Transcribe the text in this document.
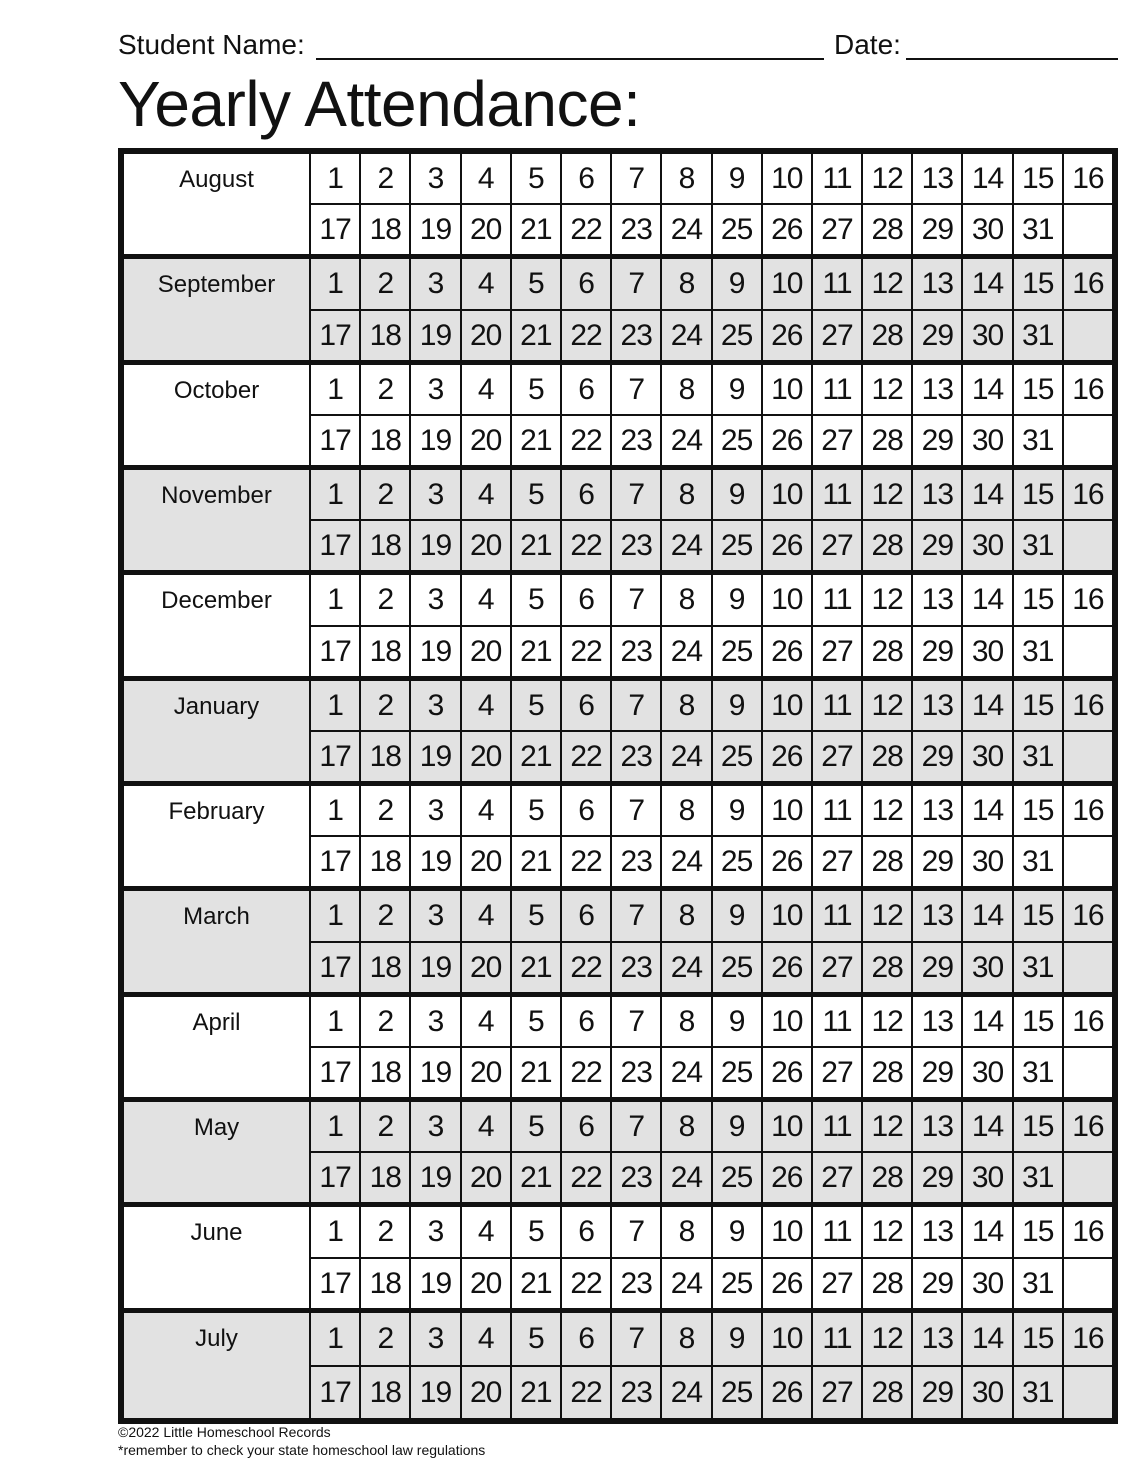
Student Name:	Date:
Yearly Attendance:
August	1	2	3	4	5	6	7	8	9 10 11 12 13 14 15 16
17 18 19 20 21 22 23 24 25 26 27 28 29 30 31
September	1	2	3	4	5	6	7	8	9 10 11 12 13 14 15 16
17 18 19 20 21 22 23 24 25 26 27 28 29 30 31
October	1	2	3	4	5	6	7	8	9 10 11 12 13 14 15 16
17 18 19 20 21 22 23 24 25 26 27 28 29 30 31
November	1	2	3	4	5	6	7	8	9 10 11 12 13 14 15 16
17 18 19 20 21 22 23 24 25 26 27 28 29 30 31
December	1	2	3	4	5	6	7	8	9 10 11 12 13 14 15 16
17 18 19 20 21 22 23 24 25 26 27 28 29 30 31
January	1	2	3	4	5	6	7	8	9 10 11 12 13 14 15 16
17 18 19 20 21 22 23 24 25 26 27 28 29 30 31
February	1	2	3	4	5	6	7	8	9 10 11 12 13 14 15 16
17 18 19 20 21 22 23 24 25 26 27 28 29 30 31
March	1	2	3	4	5	6	7	8	9 10 11 12 13 14 15 16
17 18 19 20 21 22 23 24 25 26 27 28 29 30 31
April	1	2	3	4	5	6	7	8	9 10 11 12 13 14 15 16
17 18 19 20 21 22 23 24 25 26 27 28 29 30 31
May	1	2	3	4	5	6	7	8	9 10 11 12 13 14 15 16
17 18 19 20 21 22 23 24 25 26 27 28 29 30 31
June	1	2	3	4	5	6	7	8	9 10 11 12 13 14 15 16
17 18 19 20 21 22 23 24 25 26 27 28 29 30 31
July	1	2	3	4	5	6	7	8	9 10 11 12 13 14 15 16
17 18 19 20 21 22 23 24 25 26 27 28 29 30 31
©2022 Little Homeschool Records
*remember to check your state homeschool law regulations
